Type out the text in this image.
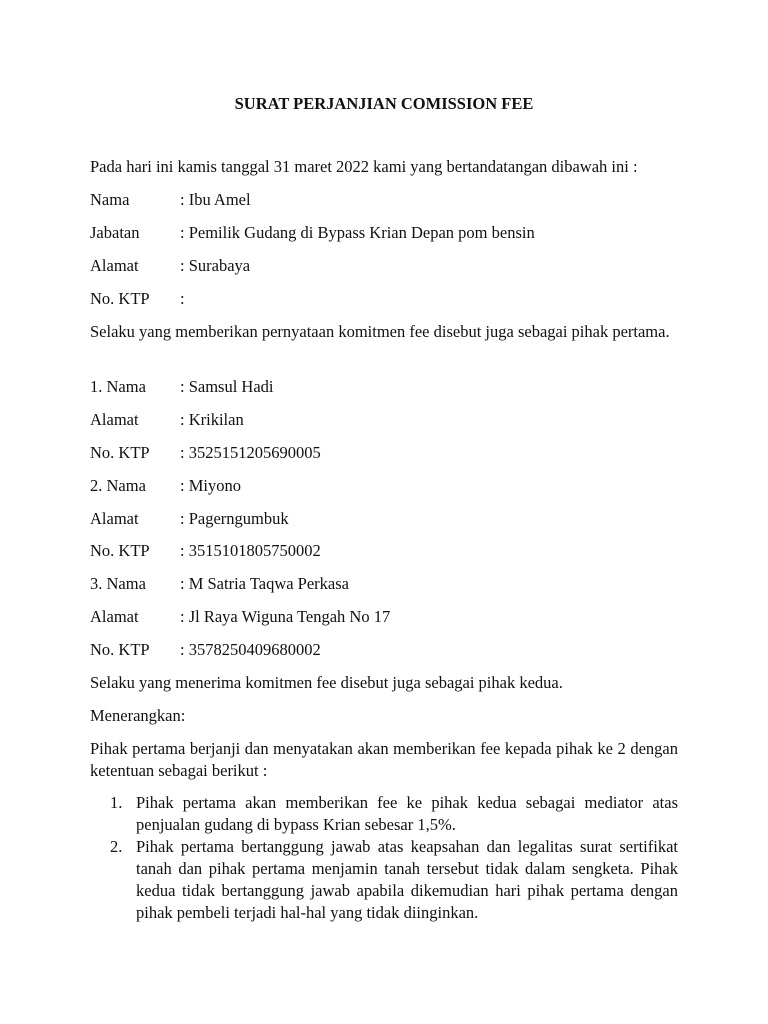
SURAT PERJANJIAN COMISSION FEE
Pada hari ini kamis tanggal 31 maret 2022 kami yang bertandatangan dibawah ini :
Nama	: Ibu Amel
Jabatan : Pemilik Gudang di Bypass Krian Depan pom bensin
Alamat	: Surabaya
No. KTP :
Selaku yang memberikan pernyataan komitmen fee disebut juga sebagai pihak pertama.
1. Nama : Samsul Hadi
Alamat	: Krikilan
No. KTP : 3525151205690005
2. Nama : Miyono
Alamat	: Pagerngumbuk
No. KTP : 3515101805750002
3. Nama : M Satria Taqwa Perkasa
Alamat	: Jl Raya Wiguna Tengah No 17
No. KTP : 3578250409680002
Selaku yang menerima komitmen fee disebut juga sebagai pihak kedua.
Menerangkan:
Pihak pertama berjanji dan menyatakan akan memberikan fee kepada pihak ke 2 dengan ketentuan sebagai berikut :
1. Pihak pertama akan memberikan fee ke pihak kedua sebagai mediator atas penjualan gudang di bypass Krian sebesar 1,5%.
2. Pihak pertama bertanggung jawab atas keapsahan dan legalitas surat sertifikat tanah dan pihak pertama menjamin tanah tersebut tidak dalam sengketa. Pihak kedua tidak bertanggung jawab apabila dikemudian hari pihak pertama dengan pihak pembeli terjadi hal-hal yang tidak diinginkan.
